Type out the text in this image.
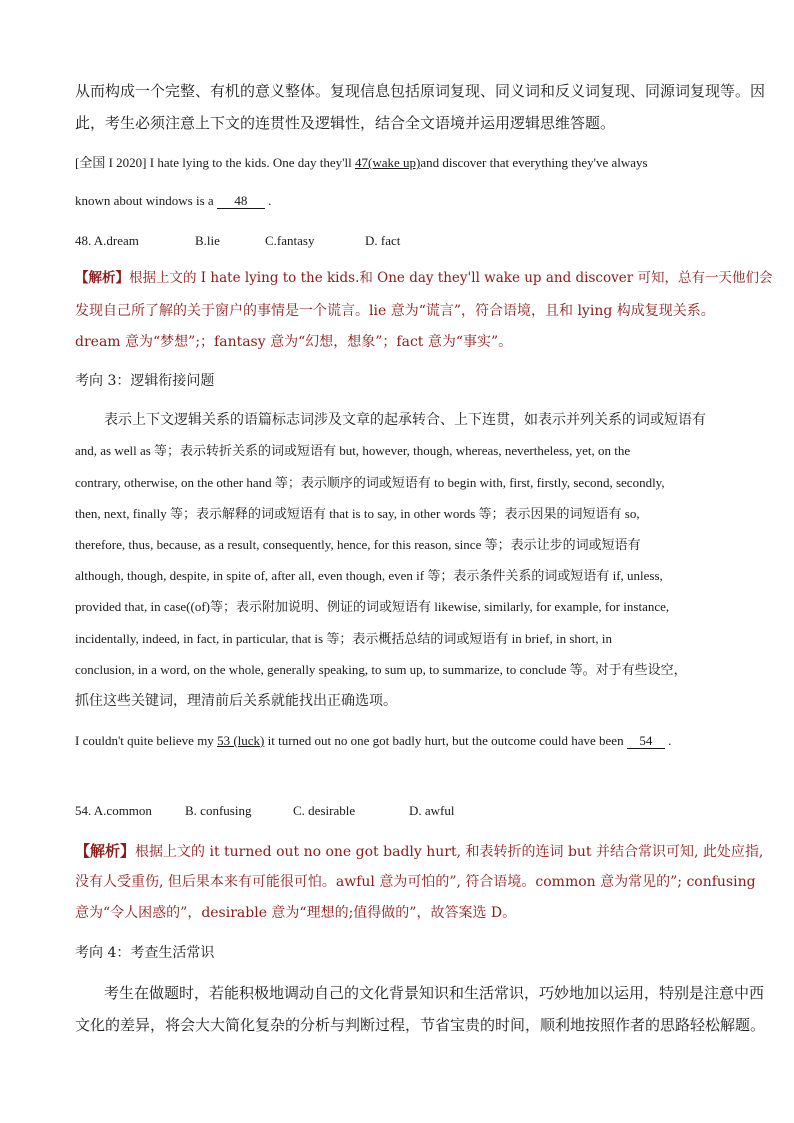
从而构成一个完整、有机的意义整体。复现信息包括原词复现、同义词和反义词复现、同源词复现等。因
此，考生必须注意上下文的连贯性及逻辑性，结合全文语境并运用逻辑思维答题。
[全国 I 2020] I hate lying to the kids. One day they'll 47(wake up)and discover that everything they've always
known about windows is a 48 .
48. A.dream	B.lie	C.fantasy	D. fact
【解析】根据上文的 I hate lying to the kids.和 One day they'll wake up and discover 可知，总有一天他们会
发现自己所了解的关于窗户的事情是一个谎言。lie 意为“谎言”，符合语境，且和 lying 构成复现关系。
dream 意为“梦想”;；fantasy 意为“幻想，想象”；fact 意为“事实”。
考向 3：逻辑衔接问题
表示上下文逻辑关系的语篇标志词涉及文章的起承转合、上下连贯，如表示并列关系的词或短语有
and, as well as 等；表示转折关系的词或短语有 but, however, though, whereas, nevertheless, yet, on the
contrary, otherwise, on the other hand 等；表示顺序的词或短语有 to begin with, first, firstly, second, secondly,
then, next, finally 等；表示解释的词或短语有 that is to say, in other words 等；表示因果的词短语有 so,
therefore, thus, because, as a result, consequently, hence, for this reason, since 等；表示让步的词或短语有
although, though, despite, in spite of, after all, even though, even if 等；表示条件关系的词或短语有 if, unless,
provided that, in case((of)等；表示附加说明、例证的词或短语有 likewise, similarly, for example, for instance,
incidentally, indeed, in fact, in particular, that is 等；表示概括总结的词或短语有 in brief, in short, in
conclusion, in a word, on the whole, generally speaking, to sum up, to summarize, to conclude 等。对于有些设空，
抓住这些关键词，理清前后关系就能找出正确选项。
I couldn't quite believe my 53 (luck) it turned out no one got badly hurt, but the outcome could have been 54 .
54. A.common	B. confusing	C. desirable	D. awful
【解析】根据上文的 it turned out no one got badly hurt, 和表转折的连词 but 并结合常识可知, 此处应指,
没有人受重伤, 但后果本来有可能很可怕。awful 意为可怕的”, 符合语境。common 意为常见的”; confusing
意为“令人困惑的”，desirable 意为“理想的;值得做的”，故答案选 D。
考向 4：考查生活常识
考生在做题时，若能积极地调动自己的文化背景知识和生活常识，巧妙地加以运用，特别是注意中西
文化的差异，将会大大简化复杂的分析与判断过程，节省宝贵的时间，顺利地按照作者的思路轻松解题。
